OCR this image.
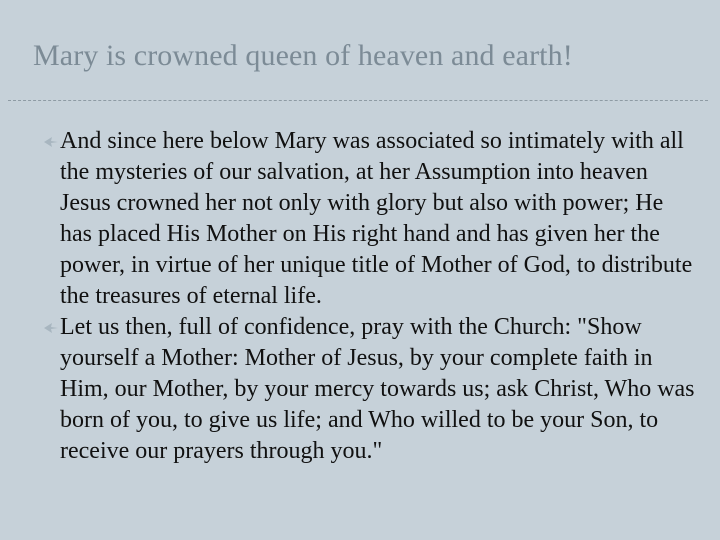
Mary is crowned queen of heaven and earth!
And since here below Mary was associated so intimately with all the mysteries of our salvation, at her Assumption into heaven Jesus crowned her not only with glory but also with power; He has placed His Mother on His right hand and has given her the power, in virtue of her unique title of Mother of God, to distribute the treasures of eternal life.
Let us then, full of confidence, pray with the Church: "Show yourself a Mother: Mother of Jesus, by your complete faith in Him, our Mother, by your mercy towards us; ask Christ, Who was born of you, to give us life; and Who willed to be your Son, to receive our prayers through you."
